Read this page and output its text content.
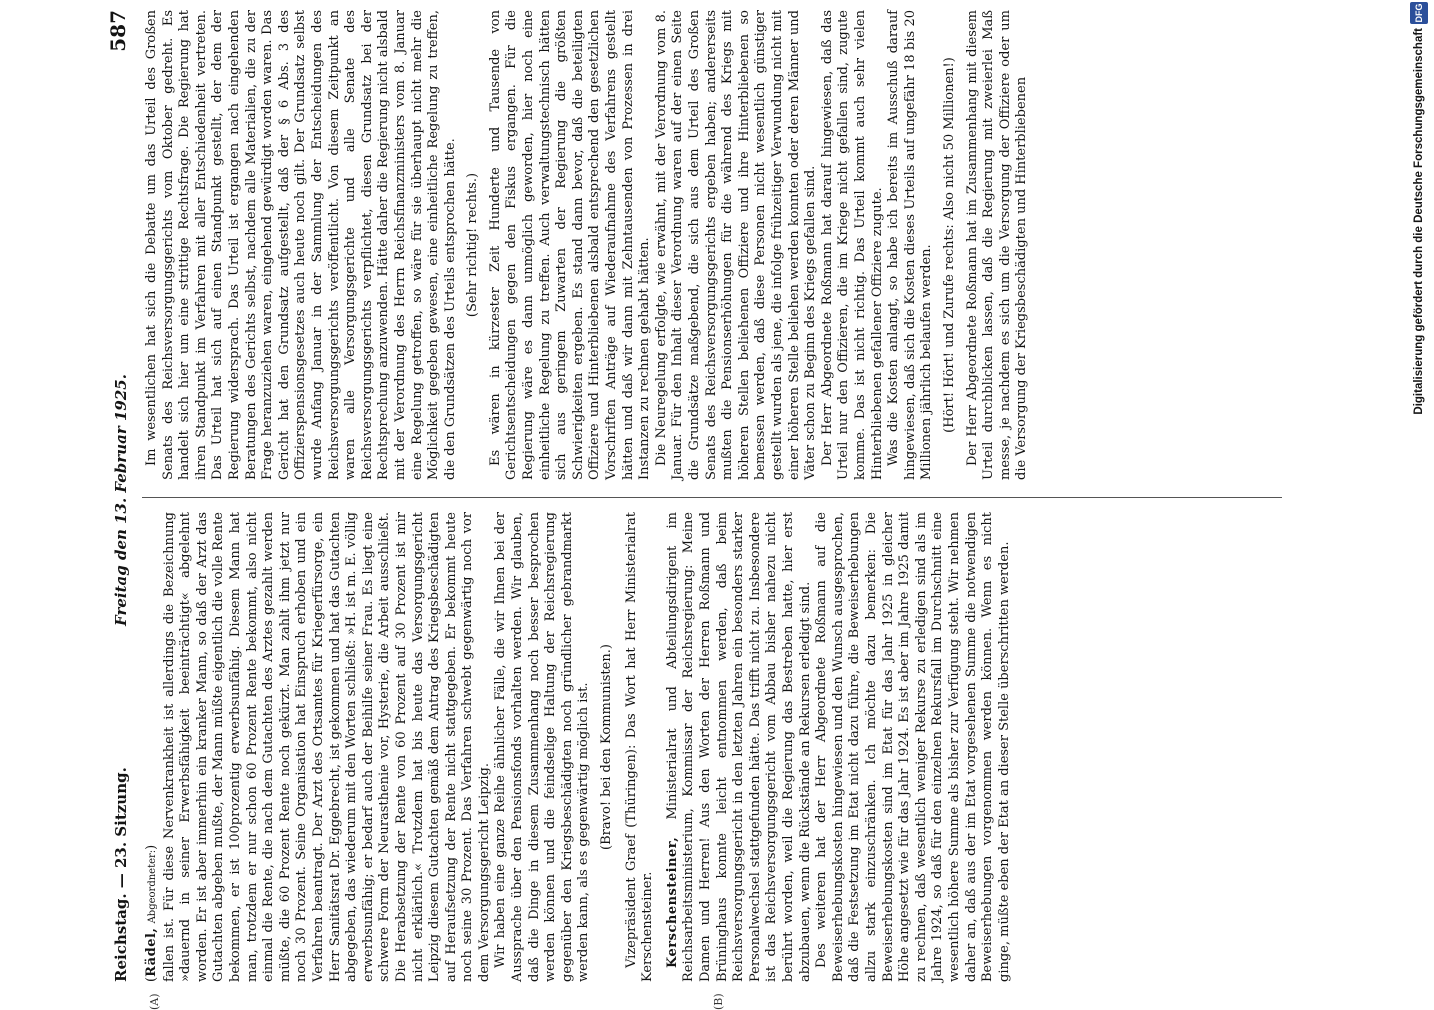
Reichstag. — 23. Sitzung.
Freitag den 13. Februar 1925.
587
(A)	(B)

(Rädel, Abgeordneter:) fallen ist. Für diese Nervenkrankheit ist allerdings die Bezeichnung »dauernd in seiner Erwerbsfähigkeit beeinträchtigt« abgelehnt worden. Er ist aber immerhin ein kranker Mann, so daß der Arzt das Gutachten abgeben mußte, der Mann müßte eigentlich die volle Rente bekommen, er ist 100prozentig erwerbsunfähig. Diesem Mann hat man, trotzdem er nur schon 60 Prozent Rente bekommt, also nicht einmal die Rente, die nach dem Gutachten des Arztes gezahlt werden müßte, die 60 Prozent Rente noch gekürzt. Man zahlt ihm jetzt nur noch 30 Prozent. Seine Organisation hat Einspruch erhoben und ein Verfahren beantragt. Der Arzt des Ortsamtes für Kriegerfürsorge, ein Herr Sanitätsrat Dr. Eggebrecht, ist gekommen und hat das Gutachten abgegeben, das wiederum mit den Worten schließt: »H. ist m. E. völlig erwerbsunfähig; er bedarf auch der Beihilfe seiner Frau. Es liegt eine schwere Form der Neurasthenie vor, Hysterie, die Arbeit ausschließt. Die Herabsetzung der Rente von 60 Prozent auf 30 Prozent ist mir nicht erklärlich.« Trotzdem hat bis heute das Versorgungsgericht Leipzig diesem Gutachten gemäß dem Antrag des Kriegsbeschädigten auf Heraufsetzung der Rente nicht stattgegeben. Er bekommt heute noch seine 30 Prozent. Das Verfahren schwebt gegenwärtig noch vor dem Versorgungsgericht Leipzig. Wir haben eine ganze Reihe ähnlicher Fälle, die wir Ihnen bei der Aussprache über den Pensionsfonds vorhalten werden. Wir glauben, daß die Dinge in diesem Zusammenhang noch besser besprochen werden können und die feindselige Haltung der Reichsregierung gegenüber den Kriegsbeschädigten noch gründlicher gebrandmarkt werden kann, als es gegenwärtig möglich ist. (Bravo! bei den Kommunisten.) Vizepräsident Graef (Thüringen): Das Wort hat Herr Ministerialrat Kerschensteiner. Kerschensteiner, Ministerialrat und Abteilungsdirigent im Reichsarbeitsministerium, Kommissar der Reichsregierung: Meine Damen und Herren! Aus den Worten der Herren Roßmann und Brüninghaus konnte leicht entnommen werden, daß beim Reichsversorgungsgericht in den letzten Jahren ein besonders starker Personalwechsel stattgefunden hätte. Das trifft nicht zu. Insbesondere ist das Reichsversorgungsgericht vom Abbau bisher nahezu nicht berührt worden, weil die Regierung das Bestreben hatte, hier erst abzubauen, wenn die Rückstände an Rekursen erledigt sind. Des weiteren hat der Herr Abgeordnete Roßmann auf die Beweiserhebungskosten hingewiesen und den Wunsch ausgesprochen, daß die Festsetzung im Etat nicht dazu führe, die Beweiserhebungen allzu stark einzuschränken. Ich möchte dazu bemerken: Die Beweiserhebungskosten sind im Etat für das Jahr 1925 in gleicher Höhe angesetzt wie für das Jahr 1924. Es ist aber im Jahre 1925 damit zu rechnen, daß wesentlich weniger Rekurse zu erledigen sind als im Jahre 1924, so daß für den einzelnen Rekursfall im Durchschnitt eine wesentlich höhere Summe als bisher zur Verfügung steht. Wir nehmen daher an, daß aus der im Etat vorgesehenen Summe die notwendigen Beweiserhebungen vorgenommen werden können. Wenn es nicht ginge, müßte eben der Etat an dieser Stelle überschritten werden.

Im wesentlichen hat sich die Debatte um das Urteil des Großen Senats des Reichsversorgungsgerichts vom Oktober gedreht. Es handelt sich hier um eine strittige Rechtsfrage. Die Regierung hat ihren Standpunkt im Verfahren mit aller Entschiedenheit vertreten. Das Urteil hat sich auf einen Standpunkt gestellt, der dem der Regierung widersprach. Das Urteil ist ergangen nach eingehenden Beratungen des Gerichts selbst, nachdem alle Materialien, die zu der Frage heranzuziehen waren, eingehend gewürdigt worden waren. Das Gericht hat den Grundsatz aufgestellt, daß der § 6 Abs. 3 des Offizierspensionsgesetzes auch heute noch gilt. Der Grundsatz selbst wurde Anfang Januar in der Sammlung der Entscheidungen des Reichsversorgungsgerichts veröffentlicht. Von diesem Zeitpunkt an waren alle Versorgungsgerichte und alle Senate des Reichsversorgungsgerichts verpflichtet, diesen Grundsatz bei der Rechtsprechung anzuwenden. Hätte daher die Regierung nicht alsbald mit der Verordnung des Herrn Reichsfinanzministers vom 8. Januar eine Regelung getroffen, so wäre für sie überhaupt nicht mehr die Möglichkeit gegeben gewesen, eine einheitliche Regelung zu treffen, die den Grundsätzen des Urteils entsprochen hätte. (Sehr richtig! rechts.) Es wären in kürzester Zeit Hunderte und Tausende von Gerichtsentscheidungen gegen den Fiskus ergangen. Für die Regierung wäre es dann unmöglich geworden, hier noch eine einheitliche Regelung zu treffen. Auch verwaltungstechnisch hätten sich aus geringem Zuwarten der Regierung die größten Schwierigkeiten ergeben. Es stand dann bevor, daß die beteiligten Offiziere und Hinterbliebenen alsbald entsprechend den gesetzlichen Vorschriften Anträge auf Wiederaufnahme des Verfahrens gestellt hätten und daß wir dann mit Zehntausenden von Prozessen in drei Instanzen zu rechnen gehabt hätten. Die Neuregelung erfolgte, wie erwähnt, mit der Verordnung vom 8. Januar. Für den Inhalt dieser Verordnung waren auf der einen Seite die Grundsätze maßgebend, die sich aus dem Urteil des Großen Senats des Reichsversorgungsgerichts ergeben haben; andererseits mußten die Pensionserhöhungen für die während des Kriegs mit höheren Stellen beliehenen Offiziere und ihre Hinterbliebenen so bemessen werden, daß diese Personen nicht wesentlich günstiger gestellt wurden als jene, die infolge frühzeitiger Verwundung nicht mit einer höheren Stelle beliehen werden konnten oder deren Männer und Väter schon zu Beginn des Kriegs gefallen sind. Der Herr Abgeordnete Roßmann hat darauf hingewiesen, daß das Urteil nur den Offizieren, die im Kriege nicht gefallen sind, zugute komme. Das ist nicht richtig. Das Urteil kommt auch sehr vielen Hinterbliebenen gefallener Offiziere zugute. Was die Kosten anlangt, so habe ich bereits im Ausschuß darauf hingewiesen, daß sich die Kosten dieses Urteils auf ungefähr 18 bis 20 Millionen jährlich belaufen werden. (Hört! Hört! und Zurufe rechts: Also nicht 50 Millionen!) Der Herr Abgeordnete Roßmann hat im Zusammenhang mit diesem Urteil durchblicken lassen, daß die Regierung mit zweierlei Maß messe, je nachdem es sich um die Versorgung der Offiziere oder um die Versorgung der Kriegsbeschädigten und Hinterbliebenen	Digitalisierung gefördert durch die Deutsche Forschungsgemeinschaft
DFG
